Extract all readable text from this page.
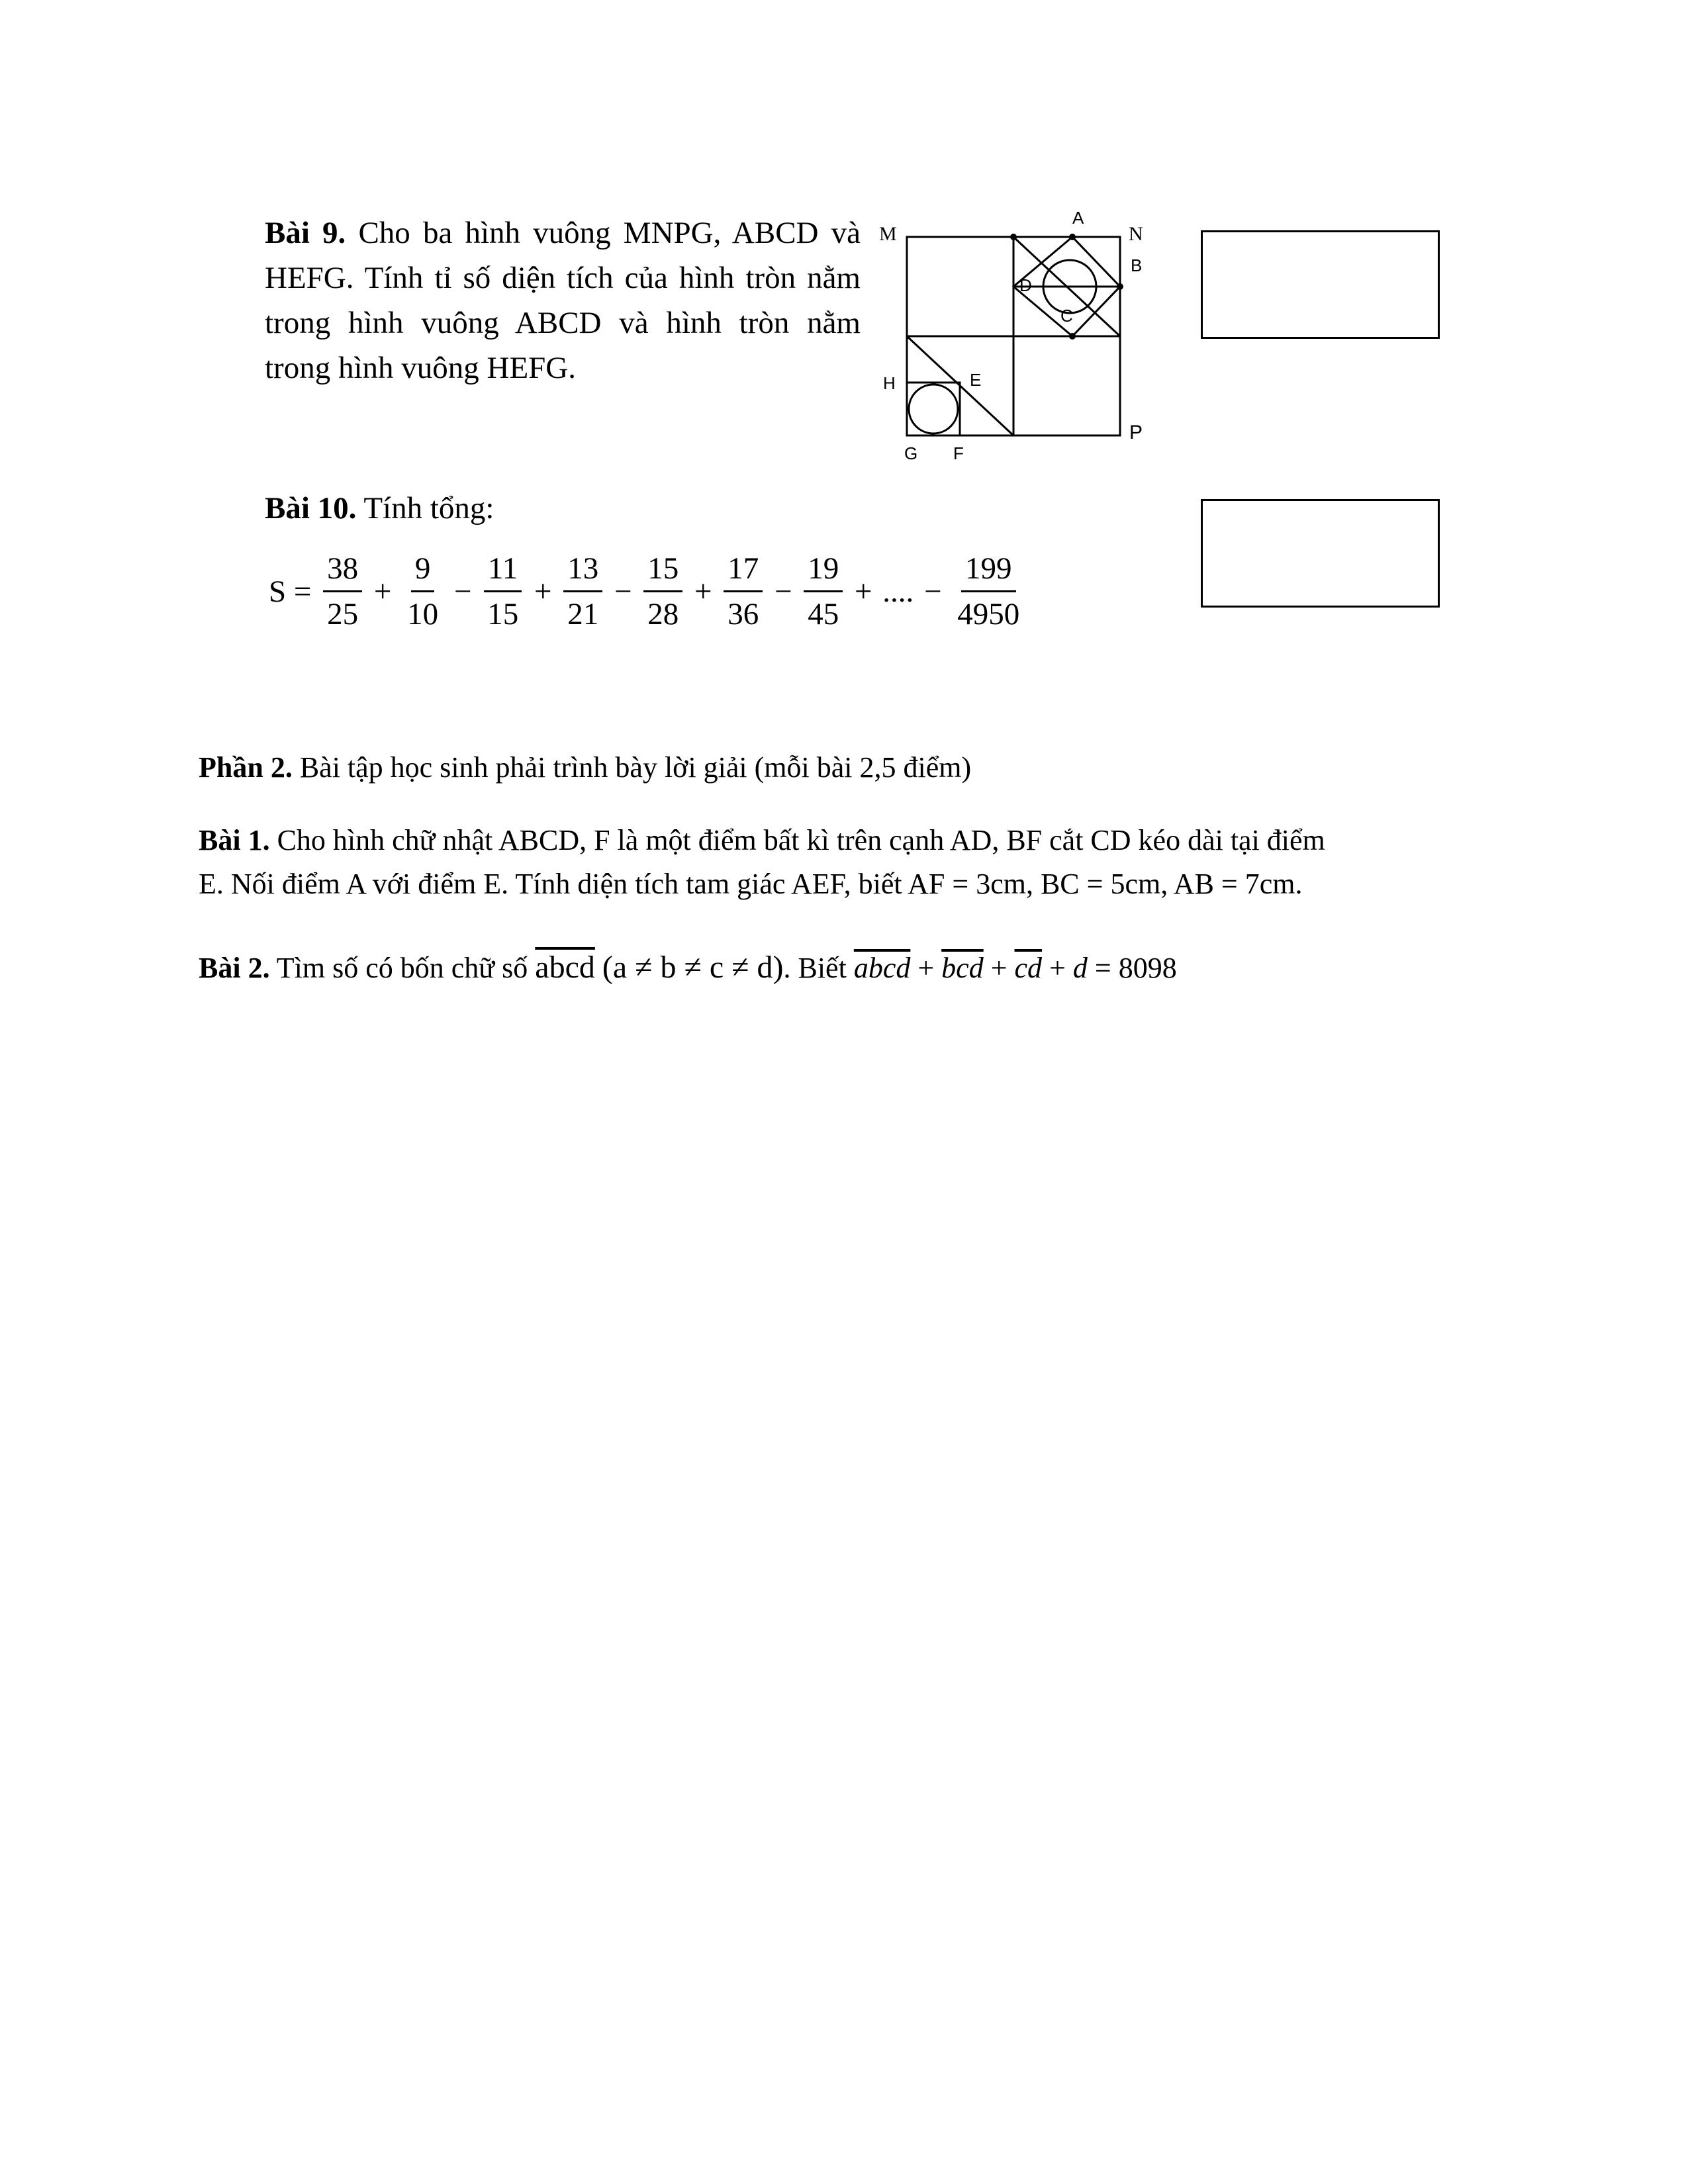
Bài 9. Cho ba hình vuông MNPG, ABCD và HEFG. Tính tỉ số diện tích của hình tròn nằm trong hình vuông ABCD và hình tròn nằm trong hình vuông HEFG.
M	N
A
B
C
D
H	E
G F
P
Bài 10. Tính tổng:
$S = \frac{38}{25} + \frac{9}{10} - \frac{11}{15} + \frac{13}{21} - \frac{15}{28} + \frac{17}{36} - \frac{19}{45}$ + .... − $\frac{199}{4950}$
Phần 2. Bài tập học sinh phải trình bày lời giải (mỗi bài 2,5 điểm)
Bài 1. Cho hình chữ nhật ABCD, F là một điểm bất kì trên cạnh AD, BF cắt CD kéo dài tại điểm
E. Nối điểm A với điểm E. Tính diện tích tam giác AEF, biết AF = 3cm, BC = 5cm, AB = 7cm.
Bài 2. Tìm số có bốn chữ số abcd (a ≠ b ≠ c ≠ d). Biết abcd + $\overline{bcd} + \overline{cd} + d = 8098$
